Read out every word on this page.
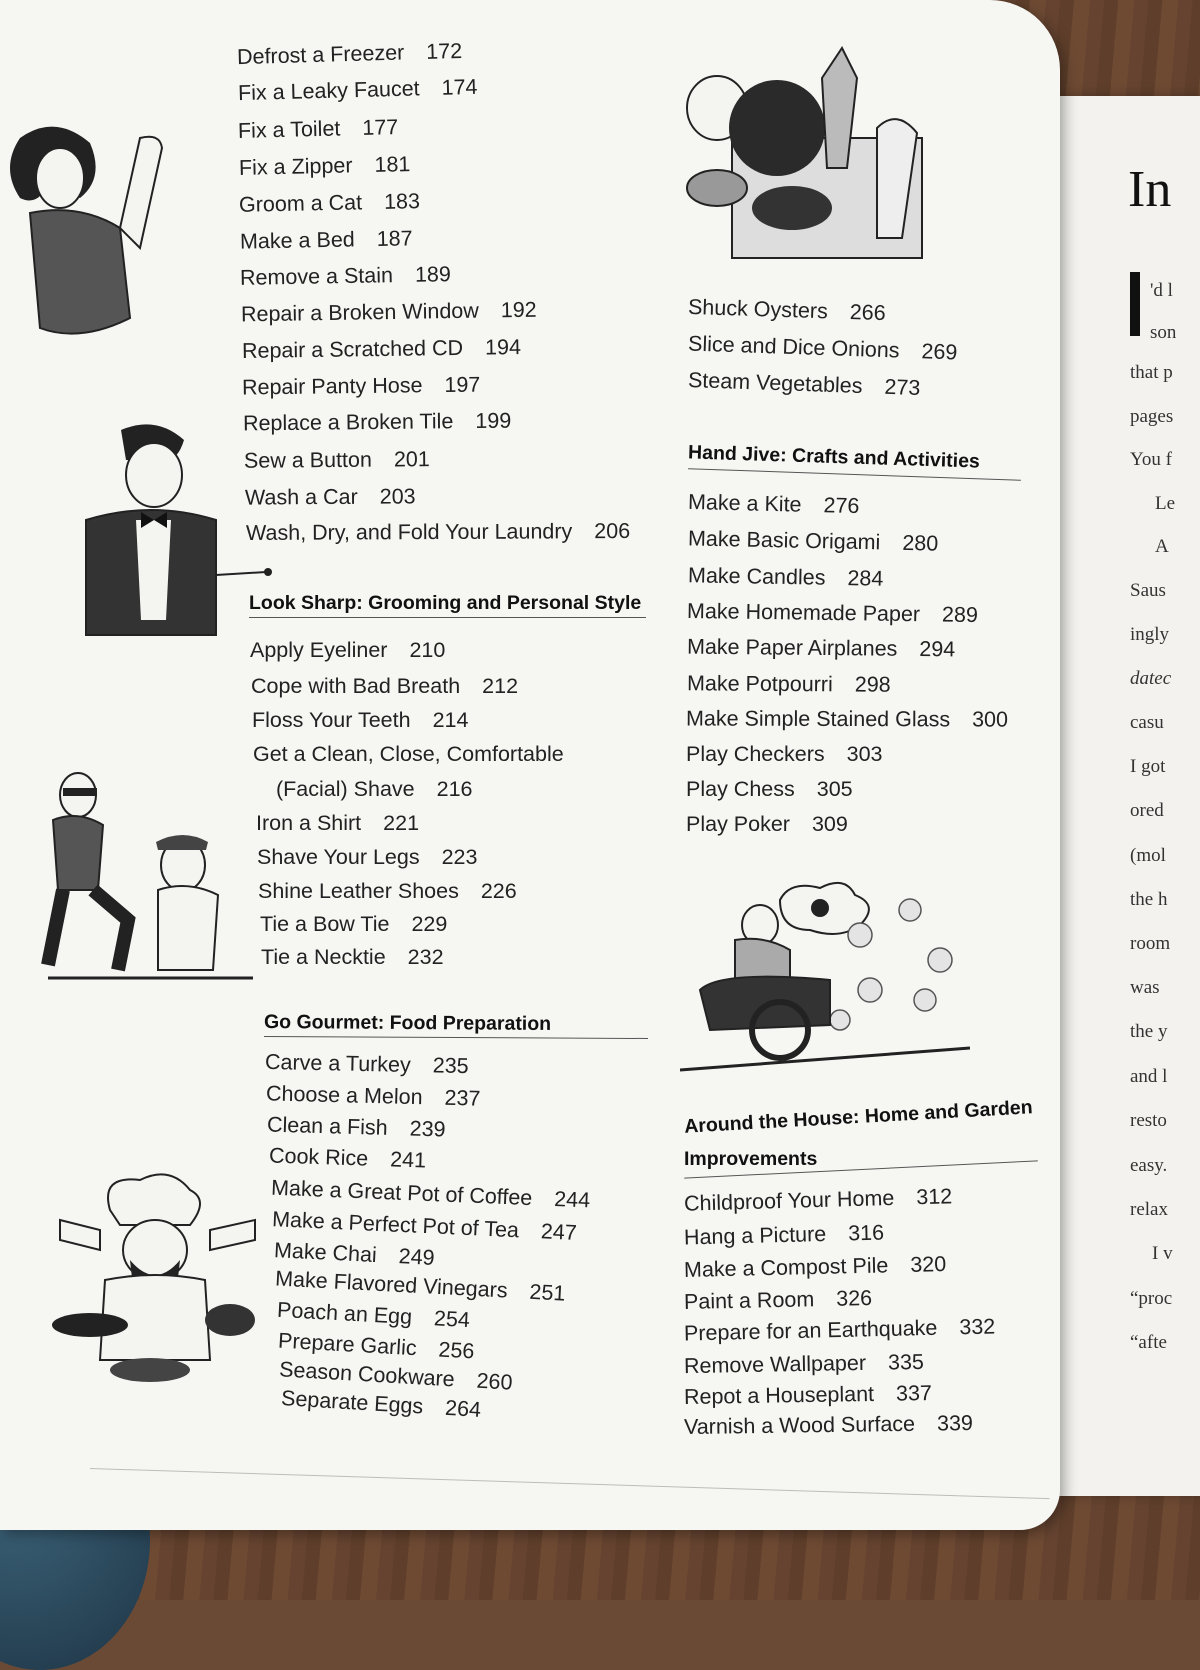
Defrost a Freezer 172
Fix a Leaky Faucet 174
Fix a Toilet 177
Fix a Zipper 181
Groom a Cat 183
Make a Bed 187
Remove a Stain 189
Repair a Broken Window 192
Repair a Scratched CD 194
Repair Panty Hose 197
Replace a Broken Tile 199
Sew a Button 201
Wash a Car 203
Wash, Dry, and Fold Your Laundry 206
Look Sharp: Grooming and Personal Style
Apply Eyeliner 210
Cope with Bad Breath 212
Floss Your Teeth 214
Get a Clean, Close, Comfortable
(Facial) Shave 216
Iron a Shirt 221
Shave Your Legs 223
Shine Leather Shoes 226
Tie a Bow Tie 229
Tie a Necktie 232
Go Gourmet: Food Preparation
Carve a Turkey 235
Choose a Melon 237
Clean a Fish 239
Cook Rice 241
Make a Great Pot of Coffee 244
Make a Perfect Pot of Tea 247
Make Chai 249
Make Flavored Vinegars 251
Poach an Egg 254
Prepare Garlic 256
Season Cookware 260
Separate Eggs 264
Shuck Oysters 266
Slice and Dice Onions 269
Steam Vegetables 273
Hand Jive: Crafts and Activities
Make a Kite 276
Make Basic Origami 280
Make Candles 284
Make Homemade Paper 289
Make Paper Airplanes 294
Make Potpourri 298
Make Simple Stained Glass 300
Play Checkers 303
Play Chess 305
Play Poker 309
Around the House: Home and Garden
Improvements
Childproof Your Home 312
Hang a Picture 316
Make a Compost Pile 320
Paint a Room 326
Prepare for an Earthquake 332
Remove Wallpaper 335
Repot a Houseplant 337
Varnish a Wood Surface 339
In
'd l
son
that p
pages
You f
Le
A
Saus
ingly
datec
casu
I got
ored
(mol
the h
room
was
the y
and l
resto
easy.
relax
I v
“proc
“afte
